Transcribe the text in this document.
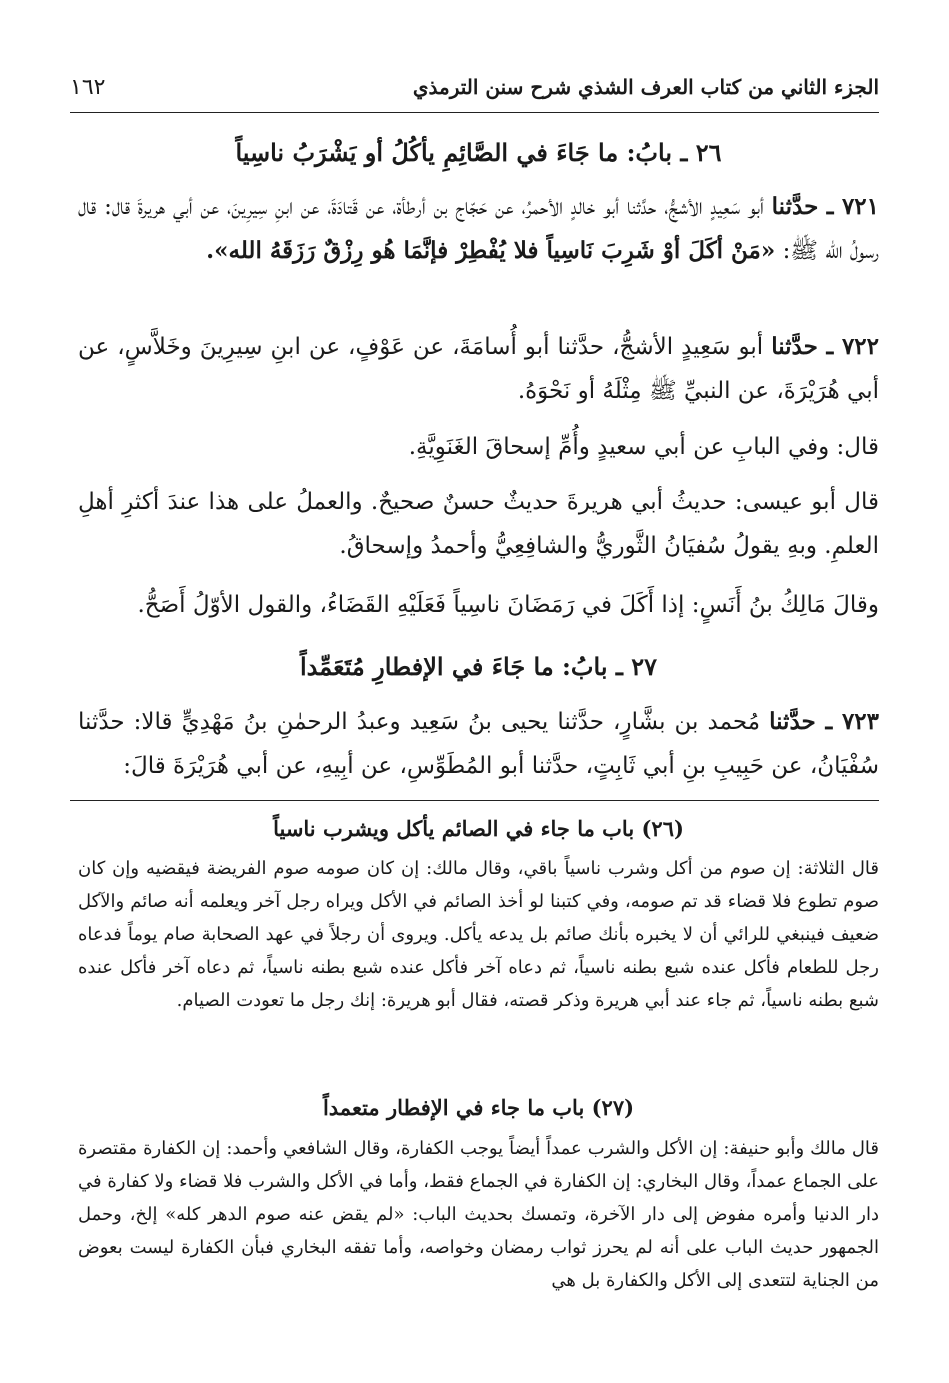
الجزء الثاني من كتاب العرف الشذي شرح سنن الترمذي
١٦٢
٢٦ ـ بابُ: ما جَاءَ في الصَّائِمِ يأكُلُ أو يَشْرَبُ ناسِياً

٧٢١ ـ حدَّثنا أبو سَعِيدٍ الأشجُّ، حدَّثنا أبو خالدٍ الأحمرُ، عن حَجّاج بن أرطأة، عن قَتادَةَ، عن ابنِ سِيرِينَ، عن أبي هريرةَ قال: قال رسولُ الله ﷺ: «مَنْ أكَلَ أوْ شَرِبَ نَاسِياً فلا يُفْطِرْ فإنَّمَا هُو رِزْقٌ رَزَقَهُ الله».

٧٢٢ ـ حدَّثنا أبو سَعِيدٍ الأشجُّ، حدَّثنا أبو أُسامَةَ، عن عَوْفٍ، عن ابنِ سِيرِينَ وخَلاَّسٍ، عن أبي هُرَيْرَةَ، عن النبيِّ ﷺ مِثْلَهُ أو نَحْوَهُ.

قال: وفي البابِ عن أبي سعيدٍ وأُمِّ إسحاقَ الغَنَوِيَّةِ.

قال أبو عيسى: حديثُ أبي هريرةَ حديثٌ حسنٌ صحيحٌ. والعملُ على هذا عندَ أكثرِ أهلِ العلمِ. وبهِ يقولُ سُفيَانُ الثَّوريُّ والشافِعِيُّ وأحمدُ وإسحاقُ.

وقالَ مَالِكُ بنُ أَنَسٍ: إذا أَكَلَ في رَمَضَانَ ناسِياً فَعَلَيْهِ القَضَاءُ، والقول الأوّلُ أَصَحُّ.

٢٧ ـ بابُ: ما جَاءَ في الإفطارِ مُتَعَمِّداً

٧٢٣ ـ حدَّثنا مُحمد بن بشَّارٍ، حدَّثنا يحيى بنُ سَعِيد وعبدُ الرحمٰنِ بنُ مَهْدِيٍّ قالا: حدَّثنا سُفْيَانُ، عن حَبِيبِ بنِ أبي ثَابِتٍ، حدَّثنا أبو المُطَوِّسِ، عن أبِيهِ، عن أبي هُرَيْرَةَ قالَ:

(٢٦) باب ما جاء في الصائم يأكل ويشرب ناسياً

قال الثلاثة: إن صوم من أكل وشرب ناسياً باقي، وقال مالك: إن كان صومه صوم الفريضة فيقضيه وإن كان صوم تطوع فلا قضاء قد تم صومه، وفي كتبنا لو أخذ الصائم في الأكل ويراه رجل آخر ويعلمه أنه صائم والآكل ضعيف فينبغي للرائي أن لا يخبره بأنك صائم بل يدعه يأكل. ويروى أن رجلاً في عهد الصحابة صام يوماً فدعاه رجل للطعام فأكل عنده شبع بطنه ناسياً، ثم دعاه آخر فأكل عنده شبع بطنه ناسياً، ثم دعاه آخر فأكل عنده شبع بطنه ناسياً، ثم جاء عند أبي هريرة وذكر قصته، فقال أبو هريرة: إنك رجل ما تعودت الصيام.

(٢٧) باب ما جاء في الإفطار متعمداً

قال مالك وأبو حنيفة: إن الأكل والشرب عمداً أيضاً يوجب الكفارة، وقال الشافعي وأحمد: إن الكفارة مقتصرة على الجماع عمداً، وقال البخاري: إن الكفارة في الجماع فقط، وأما في الأكل والشرب فلا قضاء ولا كفارة في دار الدنيا وأمره مفوض إلى دار الآخرة، وتمسك بحديث الباب: «لم يقض عنه صوم الدهر كله» إلخ، وحمل الجمهور حديث الباب على أنه لم يحرز ثواب رمضان وخواصه، وأما تفقه البخاري فبأن الكفارة ليست بعوض من الجناية لتتعدى إلى الأكل والكفارة بل هي
